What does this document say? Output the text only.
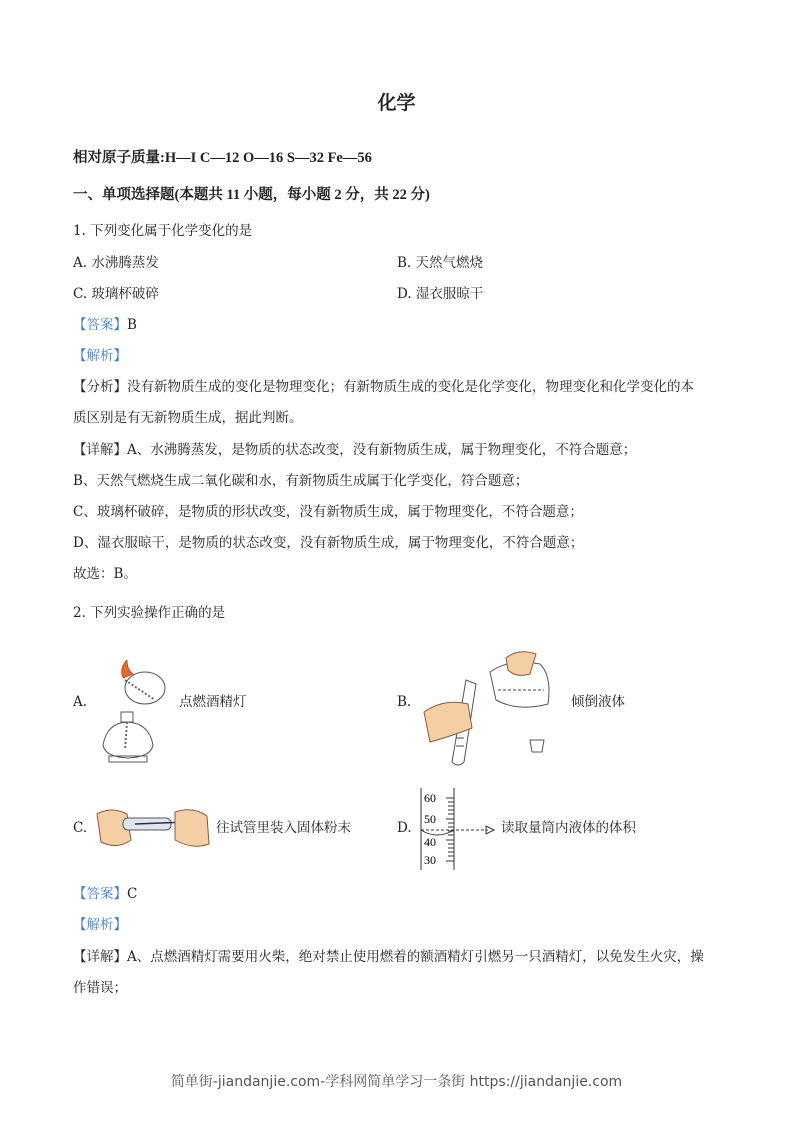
化学
相对原子质量:H—I C—12 O—16 S—32 Fe—56
一、单项选择题(本题共 11 小题，每小题 2 分，共 22 分)
1. 下列变化属于化学变化的是
A. 水沸腾蒸发	B. 天然气燃烧
C. 玻璃杯破碎	D. 湿衣服晾干
【答案】B
【解析】
【分析】没有新物质生成的变化是物理变化；有新物质生成的变化是化学变化，物理变化和化学变化的本
质区别是有无新物质生成，据此判断。
【详解】A、水沸腾蒸发，是物质的状态改变，没有新物质生成，属于物理变化，不符合题意；
B、天然气燃烧生成二氧化碳和水，有新物质生成属于化学变化，符合题意；
C、玻璃杯破碎，是物质的形状改变，没有新物质生成，属于物理变化，不符合题意；
D、湿衣服晾干，是物质的状态改变，没有新物质生成，属于物理变化，不符合题意；
故选：B。
2. 下列实验操作正确的是
A.	点燃酒精灯	B.	倾倒液体
C.	往试管里装入固体粉末	D.
60
50
40
30
读取量筒内液体的体积
【答案】C
【解析】
【详解】A、点燃酒精灯需要用火柴，绝对禁止使用燃着的额酒精灯引燃另一只酒精灯，以免发生火灾，操
作错误；
简单街-jiandanjie.com-学科网简单学习一条街 https://jiandanjie.com
